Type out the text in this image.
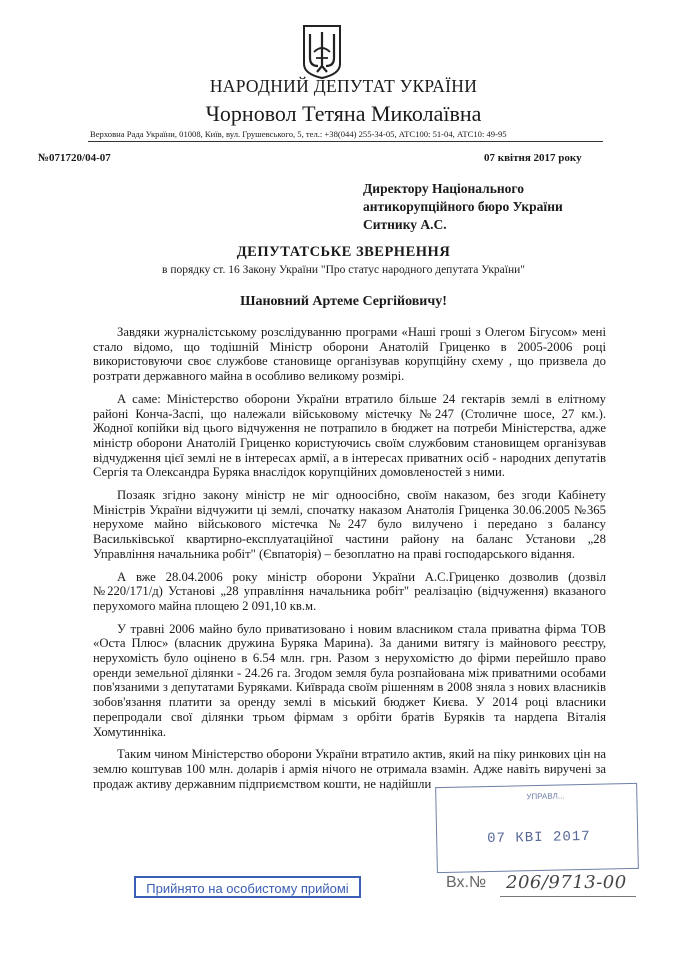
НАРОДНИЙ ДЕПУТАТ УКРАЇНИ
Чорновол Тетяна Миколаївна
Верховна Рада України, 01008, Київ, вул. Грушевського, 5, тел.: +38(044) 255-34-05, АТС100: 51-04, АТС10: 49-95
№071720/04-07	07 квітня 2017 року
Директору Національного
антикорупційного бюро України
Ситнику А.С.
ДЕПУТАТСЬКЕ ЗВЕРНЕННЯ
в порядку ст. 16 Закону України "Про статус народного депутата України"
Шановний Артеме Сергійовичу!

Завдяки журналістському розслідуванню програми «Наші гроші з Олегом Бігусом» мені стало відомо, що тодішній Міністр оборони Анатолій Гриценко в 2005-2006 році використовуючи своє службове становище організував корупційну схему , що призвела до розтрати державного майна в особливо великому розмірі.

А саме: Міністерство оборони України втратило більше 24 гектарів землі в елітному районі Конча-Заспі, що належали військовому містечку №247 (Столичне шосе, 27 км.). Жодної копійки від цього відчуження не потрапило в бюджет на потреби Міністерства, адже міністр оборони Анатолій Гриценко користуючись своїм службовим становищем організував відчудження цієї землі не в інтересах армії, а в інтересах приватних осіб - народних депутатів Сергія та Олександра Буряка внаслідок корупційних домовленостей з ними.

Позаяк згідно закону міністр не міг одноосібно, своїм наказом, без згоди Кабінету Міністрів України відчужити ці землі, спочатку наказом Анатолія Гриценка 30.06.2005 №365 нерухоме майно військового містечка №247 було вилучено і передано з балансу Васильківської квартирно-експлуатаційної частини району на баланс Установи „28 Управління начальника робіт" (Євпаторія) – безоплатно на праві господарського відання.

А вже 28.04.2006 року міністр оборони України А.С.Гриценко дозволив (дозвіл №220/171/д) Установі „28 управління начальника робіт" реалізацію (відчуження) вказаного перухомого майна площею 2 091,10 кв.м.

У травні 2006 майно було приватизовано і новим власником стала приватна фірма ТОВ «Оста Плюс» (власник дружина Буряка Марина). За даними витягу із майнового реєстру, нерухомість було оцінено в 6.54 млн. грн. Разом з нерухомістю до фірми перейшло право оренди земельної ділянки - 24.26 га. Згодом земля була розпайована між приватними особами пов'язаними з депутатами Буряками. Київрада своїм рішенням в 2008 зняла з нових власників зобов'язання платити за оренду землі в міський бюджет Києва. У 2014 році власники перепродали свої ділянки трьом фірмам з орбіти братів Буряків та нардепа Віталія Хомутинніка.

Таким чином Міністерство оборони України втратило актив, який на піку ринкових цін на землю коштував 100 млн. доларів і армія нічого не отримала взамін. Адже навіть виручені за продаж активу державним підприємством кошти, не надійшли

УПРАВЛ...
07 КВІ 2017
Прийнято на особистому прийомі	Вх.№ 206/9713-00
